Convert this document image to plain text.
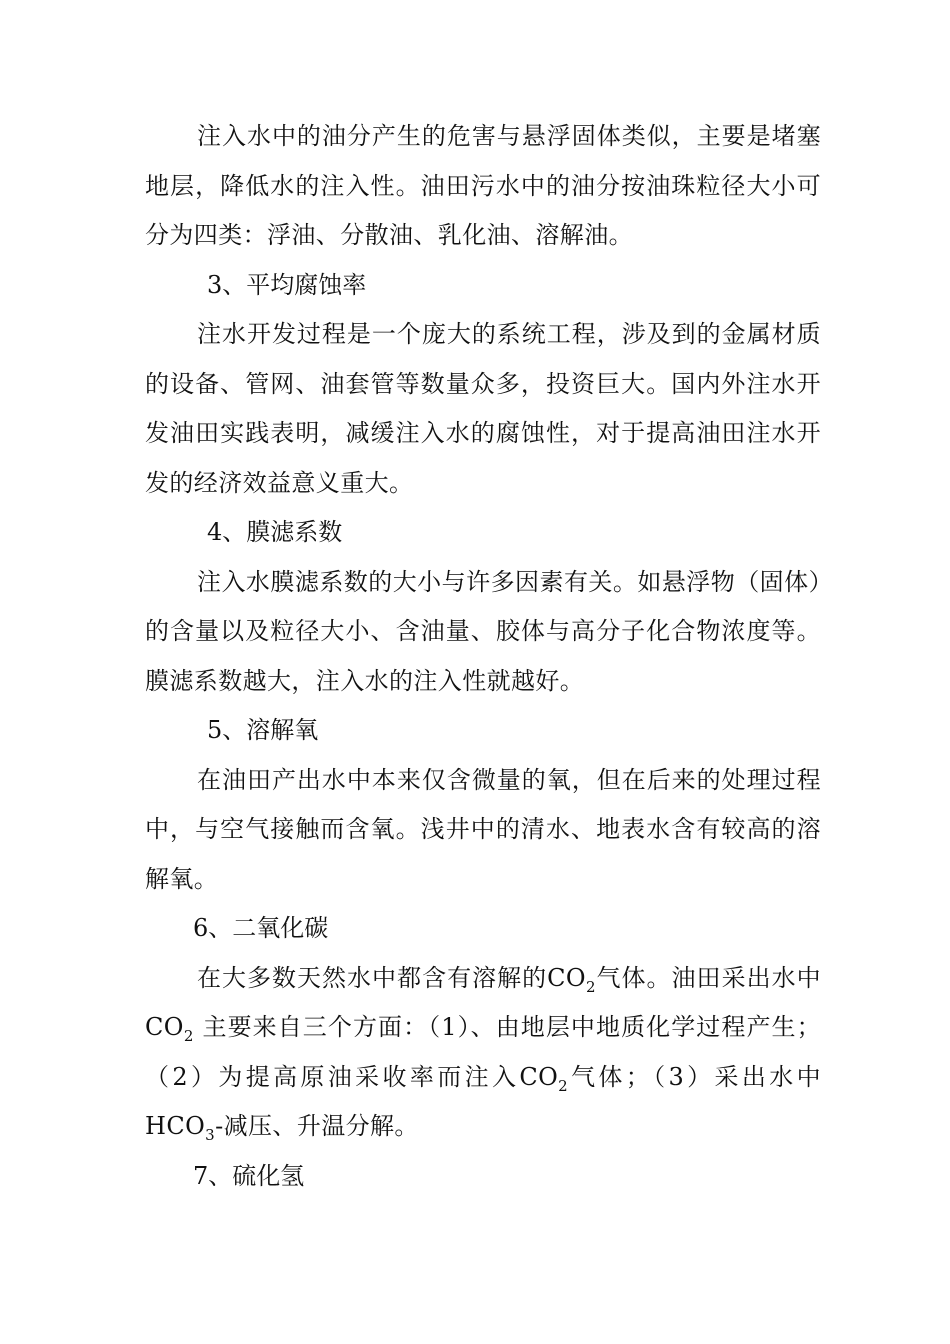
注入水中的油分产生的危害与悬浮固体类似，主要是堵塞地层，降低水的注入性。油田污水中的油分按油珠粒径大小可分为四类：浮油、分散油、乳化油、溶解油。

3、平均腐蚀率

注水开发过程是一个庞大的系统工程，涉及到的金属材质的设备、管网、油套管等数量众多，投资巨大。国内外注水开发油田实践表明，减缓注入水的腐蚀性，对于提高油田注水开发的经济效益意义重大。

4、膜滤系数

注入水膜滤系数的大小与许多因素有关。如悬浮物（固体）的含量以及粒径大小、含油量、胶体与高分子化合物浓度等。膜滤系数越大，注入水的注入性就越好。

5、溶解氧

在油田产出水中本来仅含微量的氧，但在后来的处理过程中，与空气接触而含氧。浅井中的清水、地表水含有较高的溶解氧。

6、二氧化碳

在大多数天然水中都含有溶解的$CO_2$气体。油田采出水中 $CO_2$ 主要来自三个方面：（1）、由地层中地质化学过程产生；（2）为提高原油采收率而注入$CO_2$气体；（3）采出水中$HCO_3-$减压、升温分解。

7、硫化氢
